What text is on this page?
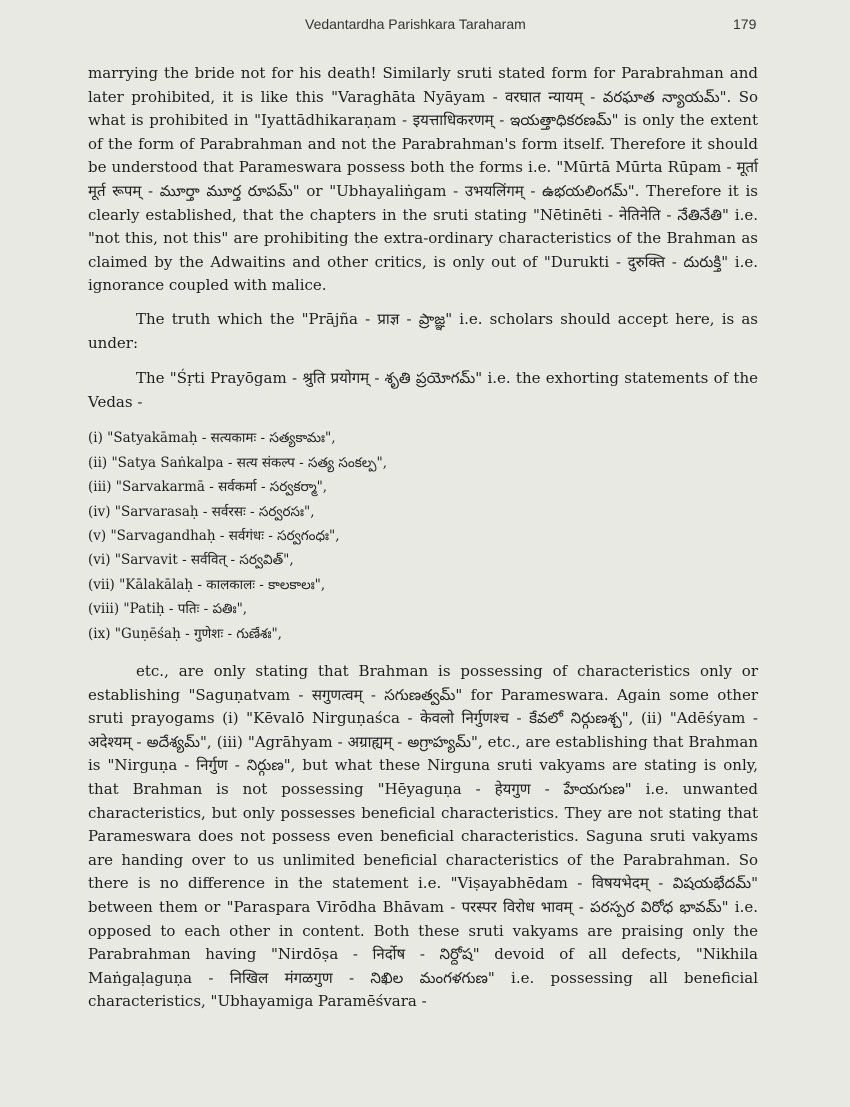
Vedantardha Parishkara Taraharam	179

marrying the bride not for his death! Similarly sruti stated form for Parabrahman and later prohibited, it is like this "Varaghāta Nyāyam - वरघात न्यायम् - వరఘాత న్యాయమ్". So what is prohibited in "Iyattādhikaraṇam - इयत्ताधिकरणम् - ఇయత్తాధికరణమ్" is only the extent of the form of Parabrahman and not the Parabrahman's form itself. Therefore it should be understood that Parameswara possess both the forms i.e. "Mūrtā Mūrta Rūpam - मूर्ता मूर्त रूपम् - మూర్తా మూర్త రూపమ్" or "Ubhayaliṅgam - उभयलिंगम् - ఉభయలింగమ్". Therefore it is clearly established, that the chapters in the sruti stating "Nētinēti - नेतिनेति - నేతినేతి" i.e. "not this, not this" are prohibiting the extra-ordinary characteristics of the Brahman as claimed by the Adwaitins and other critics, is only out of "Durukti - दुरुक्ति - దురుక్తి" i.e. ignorance coupled with malice.

The truth which the "Prājña - प्राज्ञ - ప్రాజ్ఞ" i.e. scholars should accept here, is as under:

The "Śṛti Prayōgam - श्रुति प्रयोगम् - శృతి ప్రయోగమ్" i.e. the exhorting statements of the Vedas -

(i) "Satyakāmaḥ - सत्यकामः - సత్యకామః",
(ii) "Satya Saṅkalpa - सत्य संकल्प - సత్య సంకల్ప",
(iii) "Sarvakarmā - सर्वकर्मा - సర్వకర్మా",
(iv) "Sarvarasaḥ - सर्वरसः - సర్వరసః",
(v) "Sarvagandhaḥ - सर्वगंधः - సర్వగంధః",
(vi) "Sarvavit - सर्ववित् - సర్వవిత్",
(vii) "Kālakālaḥ - कालकालः - కాలకాలః",
(viii) "Patiḥ - पतिः - పతిః",
(ix) "Guṇēśaḥ - गुणेशः - గుణేశః",

etc., are only stating that Brahman is possessing of characteristics only or establishing "Saguṇatvam - सगुणत्वम् - సగుణత్వమ్" for Parameswara. Again some other sruti prayogams (i) "Kēvalō Nirguṇaśca - केवलो निर्गुणश्च - కేవలో నిర్గుణశ్చ", (ii) "Adēśyam - अदेश्यम् - అదేశ్యమ్", (iii) "Agrāhyam - अग्राह्यम् - అగ్రాహ్యమ్", etc., are establishing that Brahman is "Nirguṇa - निर्गुण - నిర్గుణ", but what these Nirguna sruti vakyams are stating is only, that Brahman is not possessing "Hēyaguṇa - हेयगुण - హేయగుణ" i.e. unwanted characteristics, but only possesses beneficial characteristics. They are not stating that Parameswara does not possess even beneficial characteristics. Saguna sruti vakyams are handing over to us unlimited beneficial characteristics of the Parabrahman. So there is no difference in the statement i.e. "Viṣayabhēdam - विषयभेदम् - విషయభేదమ్" between them or "Paraspara Virōdha Bhāvam - परस्पर विरोध भावम् - పరస్పర విరోధ భావమ్" i.e. opposed to each other in content. Both these sruti vakyams are praising only the Parabrahman having "Nirdōṣa - निर्दोष - నిర్దోష" devoid of all defects, "Nikhila Maṅgaḷaguṇa - निखिल मंगळगुण - నిఖిల మంగళగుణ" i.e. possessing all beneficial characteristics, "Ubhayamiga Paramēśvara -
